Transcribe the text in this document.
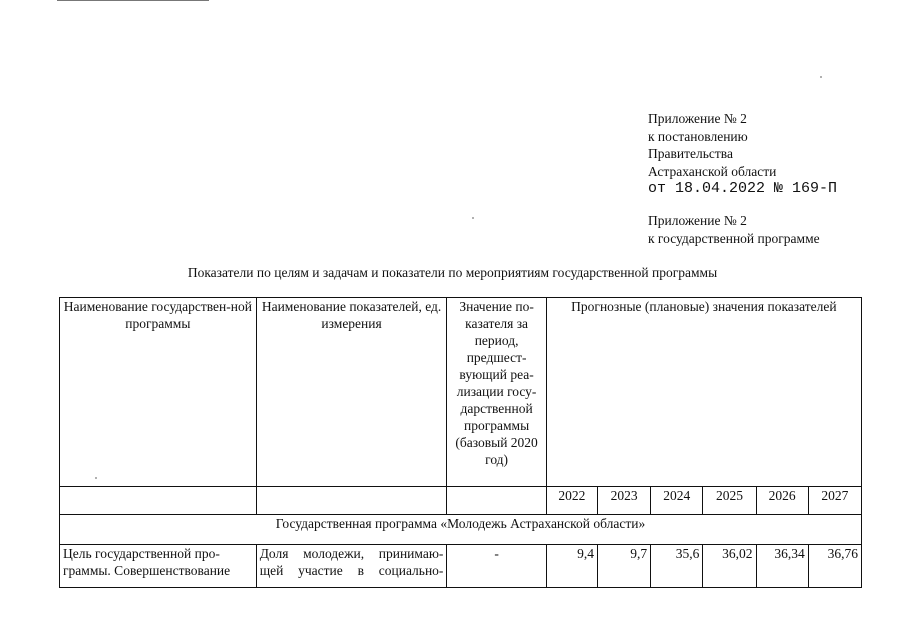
Приложение № 2
к постановлению
Правительства
Астраханской области
от 18.04.2022 № 169-П
Приложение № 2
к государственной программе
Показатели по целям и задачам и показатели по мероприятиям государственной программы
Наименование государствен-ной программы	Наименование показателей, ед. измерения	Значение по-казателя за период, предшест-вующий реа-лизации госу-дарственной программы (базовый 2020 год)	Прогнозные (плановые) значения показателей					
			2022	2023	2024	2025	2026	2027
Государственная программа «Молодежь Астраханской области»								
Цель государственной про-граммы. Совершенствование	Доля молодежи, принимаю-щей участие в социально-	-	9,4	9,7	35,6	36,02	36,34	36,76
